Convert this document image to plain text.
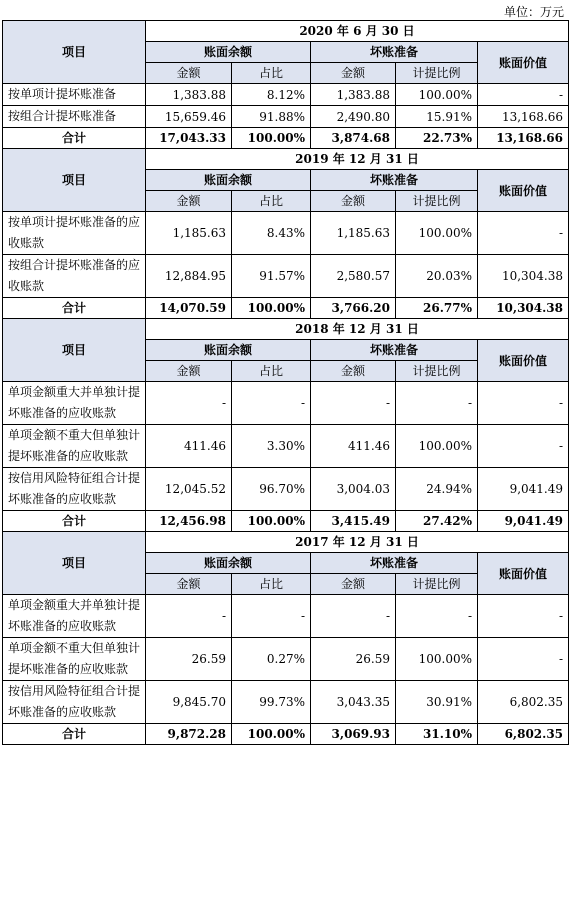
单位：万元
项目	2020 年 6 月 30 日				
	账面余额		坏账准备		账面价值
	金额	占比	金额	计提比例	
按单项计提坏账准备	1,383.88	8.12%	1,383.88	100.00%	-
按组合计提坏账准备	15,659.46	91.88%	2,490.80	15.91%	13,168.66
合计	17,043.33	100.00%	3,874.68	22.73%	13,168.66
项目	2019 年 12 月 31 日				
	账面余额		坏账准备		账面价值
	金额	占比	金额	计提比例	
按单项计提坏账准备的应收账款	1,185.63	8.43%	1,185.63	100.00%	-
按组合计提坏账准备的应收账款	12,884.95	91.57%	2,580.57	20.03%	10,304.38
合计	14,070.59	100.00%	3,766.20	26.77%	10,304.38
项目	2018 年 12 月 31 日				
	账面余额		坏账准备		账面价值
	金额	占比	金额	计提比例	
单项金额重大并单独计提坏账准备的应收账款	-	-	-	-	-
单项金额不重大但单独计提坏账准备的应收账款	411.46	3.30%	411.46	100.00%	-
按信用风险特征组合计提坏账准备的应收账款	12,045.52	96.70%	3,004.03	24.94%	9,041.49
合计	12,456.98	100.00%	3,415.49	27.42%	9,041.49
项目	2017 年 12 月 31 日				
	账面余额		坏账准备		账面价值
	金额	占比	金额	计提比例	
单项金额重大并单独计提坏账准备的应收账款	-	-	-	-	-
单项金额不重大但单独计提坏账准备的应收账款	26.59	0.27%	26.59	100.00%	-
按信用风险特征组合计提坏账准备的应收账款	9,845.70	99.73%	3,043.35	30.91%	6,802.35
合计	9,872.28	100.00%	3,069.93	31.10%	6,802.35
